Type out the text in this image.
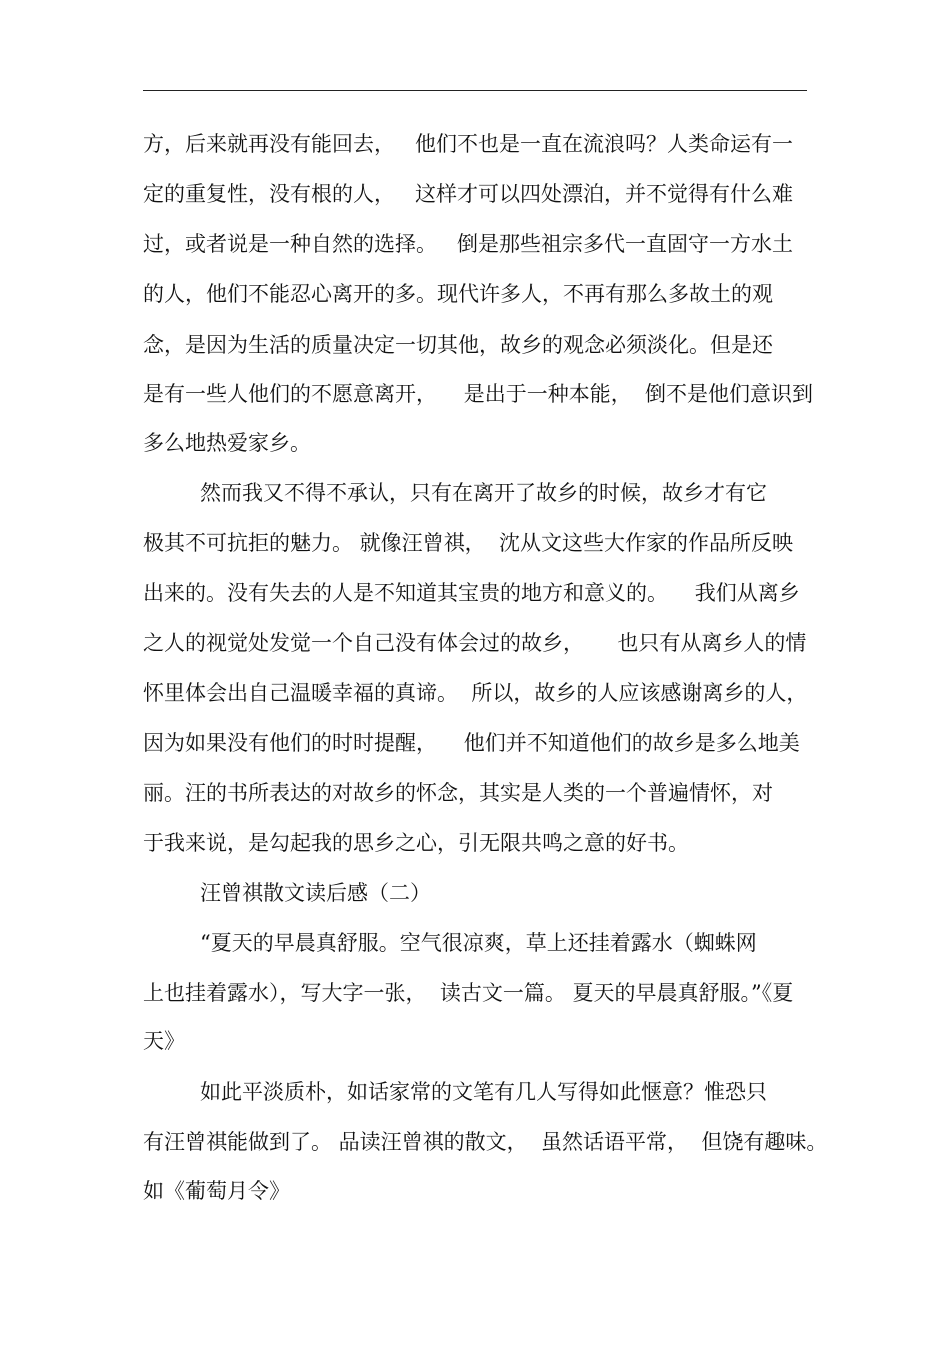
方，后来就再没有能回去，   他们不也是一直在流浪吗？人类命运有一
定的重复性，没有根的人，   这样才可以四处漂泊，并不觉得有什么难
过，或者说是一种自然的选择。   倒是那些祖宗多代一直固守一方水土
的人，他们不能忍心离开的多。现代许多人，不再有那么多故土的观
念，是因为生活的质量决定一切其他，故乡的观念必须淡化。但是还
是有一些人他们的不愿意离开，    是出于一种本能，  倒不是他们意识到
多么地热爱家乡。
然而我又不得不承认，只有在离开了故乡的时候，故乡才有它
极其不可抗拒的魅力。 就像汪曾祺，  沈从文这些大作家的作品所反映
出来的。没有失去的人是不知道其宝贵的地方和意义的。    我们从离乡
之人的视觉处发觉一个自己没有体会过的故乡，     也只有从离乡人的情
怀里体会出自己温暖幸福的真谛。  所以，故乡的人应该感谢离乡的人，
因为如果没有他们的时时提醒，    他们并不知道他们的故乡是多么地美
丽。汪的书所表达的对故乡的怀念，其实是人类的一个普遍情怀，对
于我来说，是勾起我的思乡之心，引无限共鸣之意的好书。
汪曾祺散文读后感（二）
“夏天的早晨真舒服。空气很凉爽，草上还挂着露水（蜘蛛网
上也挂着露水），写大字一张，  读古文一篇。 夏天的早晨真舒服。”《夏
天》
如此平淡质朴，如话家常的文笔有几人写得如此惬意？惟恐只
有汪曾祺能做到了。 品读汪曾祺的散文，  虽然话语平常，  但饶有趣味。
如《葡萄月令》
